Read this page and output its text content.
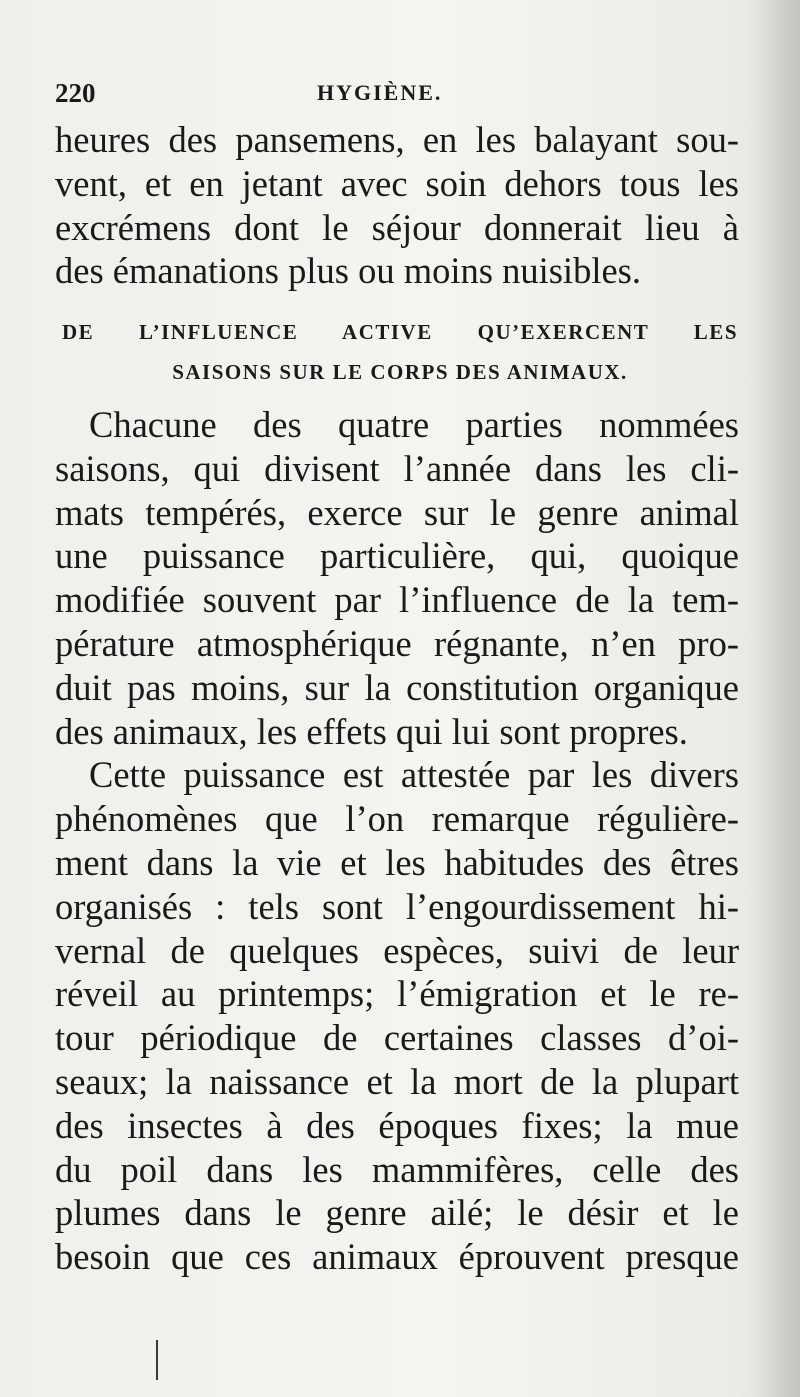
220	HYGIÈNE.
heures des pansemens, en les balayant sou-
vent, et en jetant avec soin dehors tous les
excrémens dont le séjour donnerait lieu à
des émanations plus ou moins nuisibles.
DE L’INFLUENCE ACTIVE QU’EXERCENT LES
SAISONS SUR LE CORPS DES ANIMAUX.
Chacune des quatre parties nommées
saisons, qui divisent l’année dans les cli-
mats tempérés, exerce sur le genre animal
une puissance particulière, qui, quoique
modifiée souvent par l’influence de la tem-
pérature atmosphérique régnante, n’en pro-
duit pas moins, sur la constitution organique
des animaux, les effets qui lui sont propres.
Cette puissance est attestée par les divers
phénomènes que l’on remarque régulière-
ment dans la vie et les habitudes des êtres
organisés : tels sont l’engourdissement hi-
vernal de quelques espèces, suivi de leur
réveil au printemps; l’émigration et le re-
tour périodique de certaines classes d’oi-
seaux; la naissance et la mort de la plupart
des insectes à des époques fixes; la mue
du poil dans les mammifères, celle des
plumes dans le genre ailé; le désir et le
besoin que ces animaux éprouvent presque
